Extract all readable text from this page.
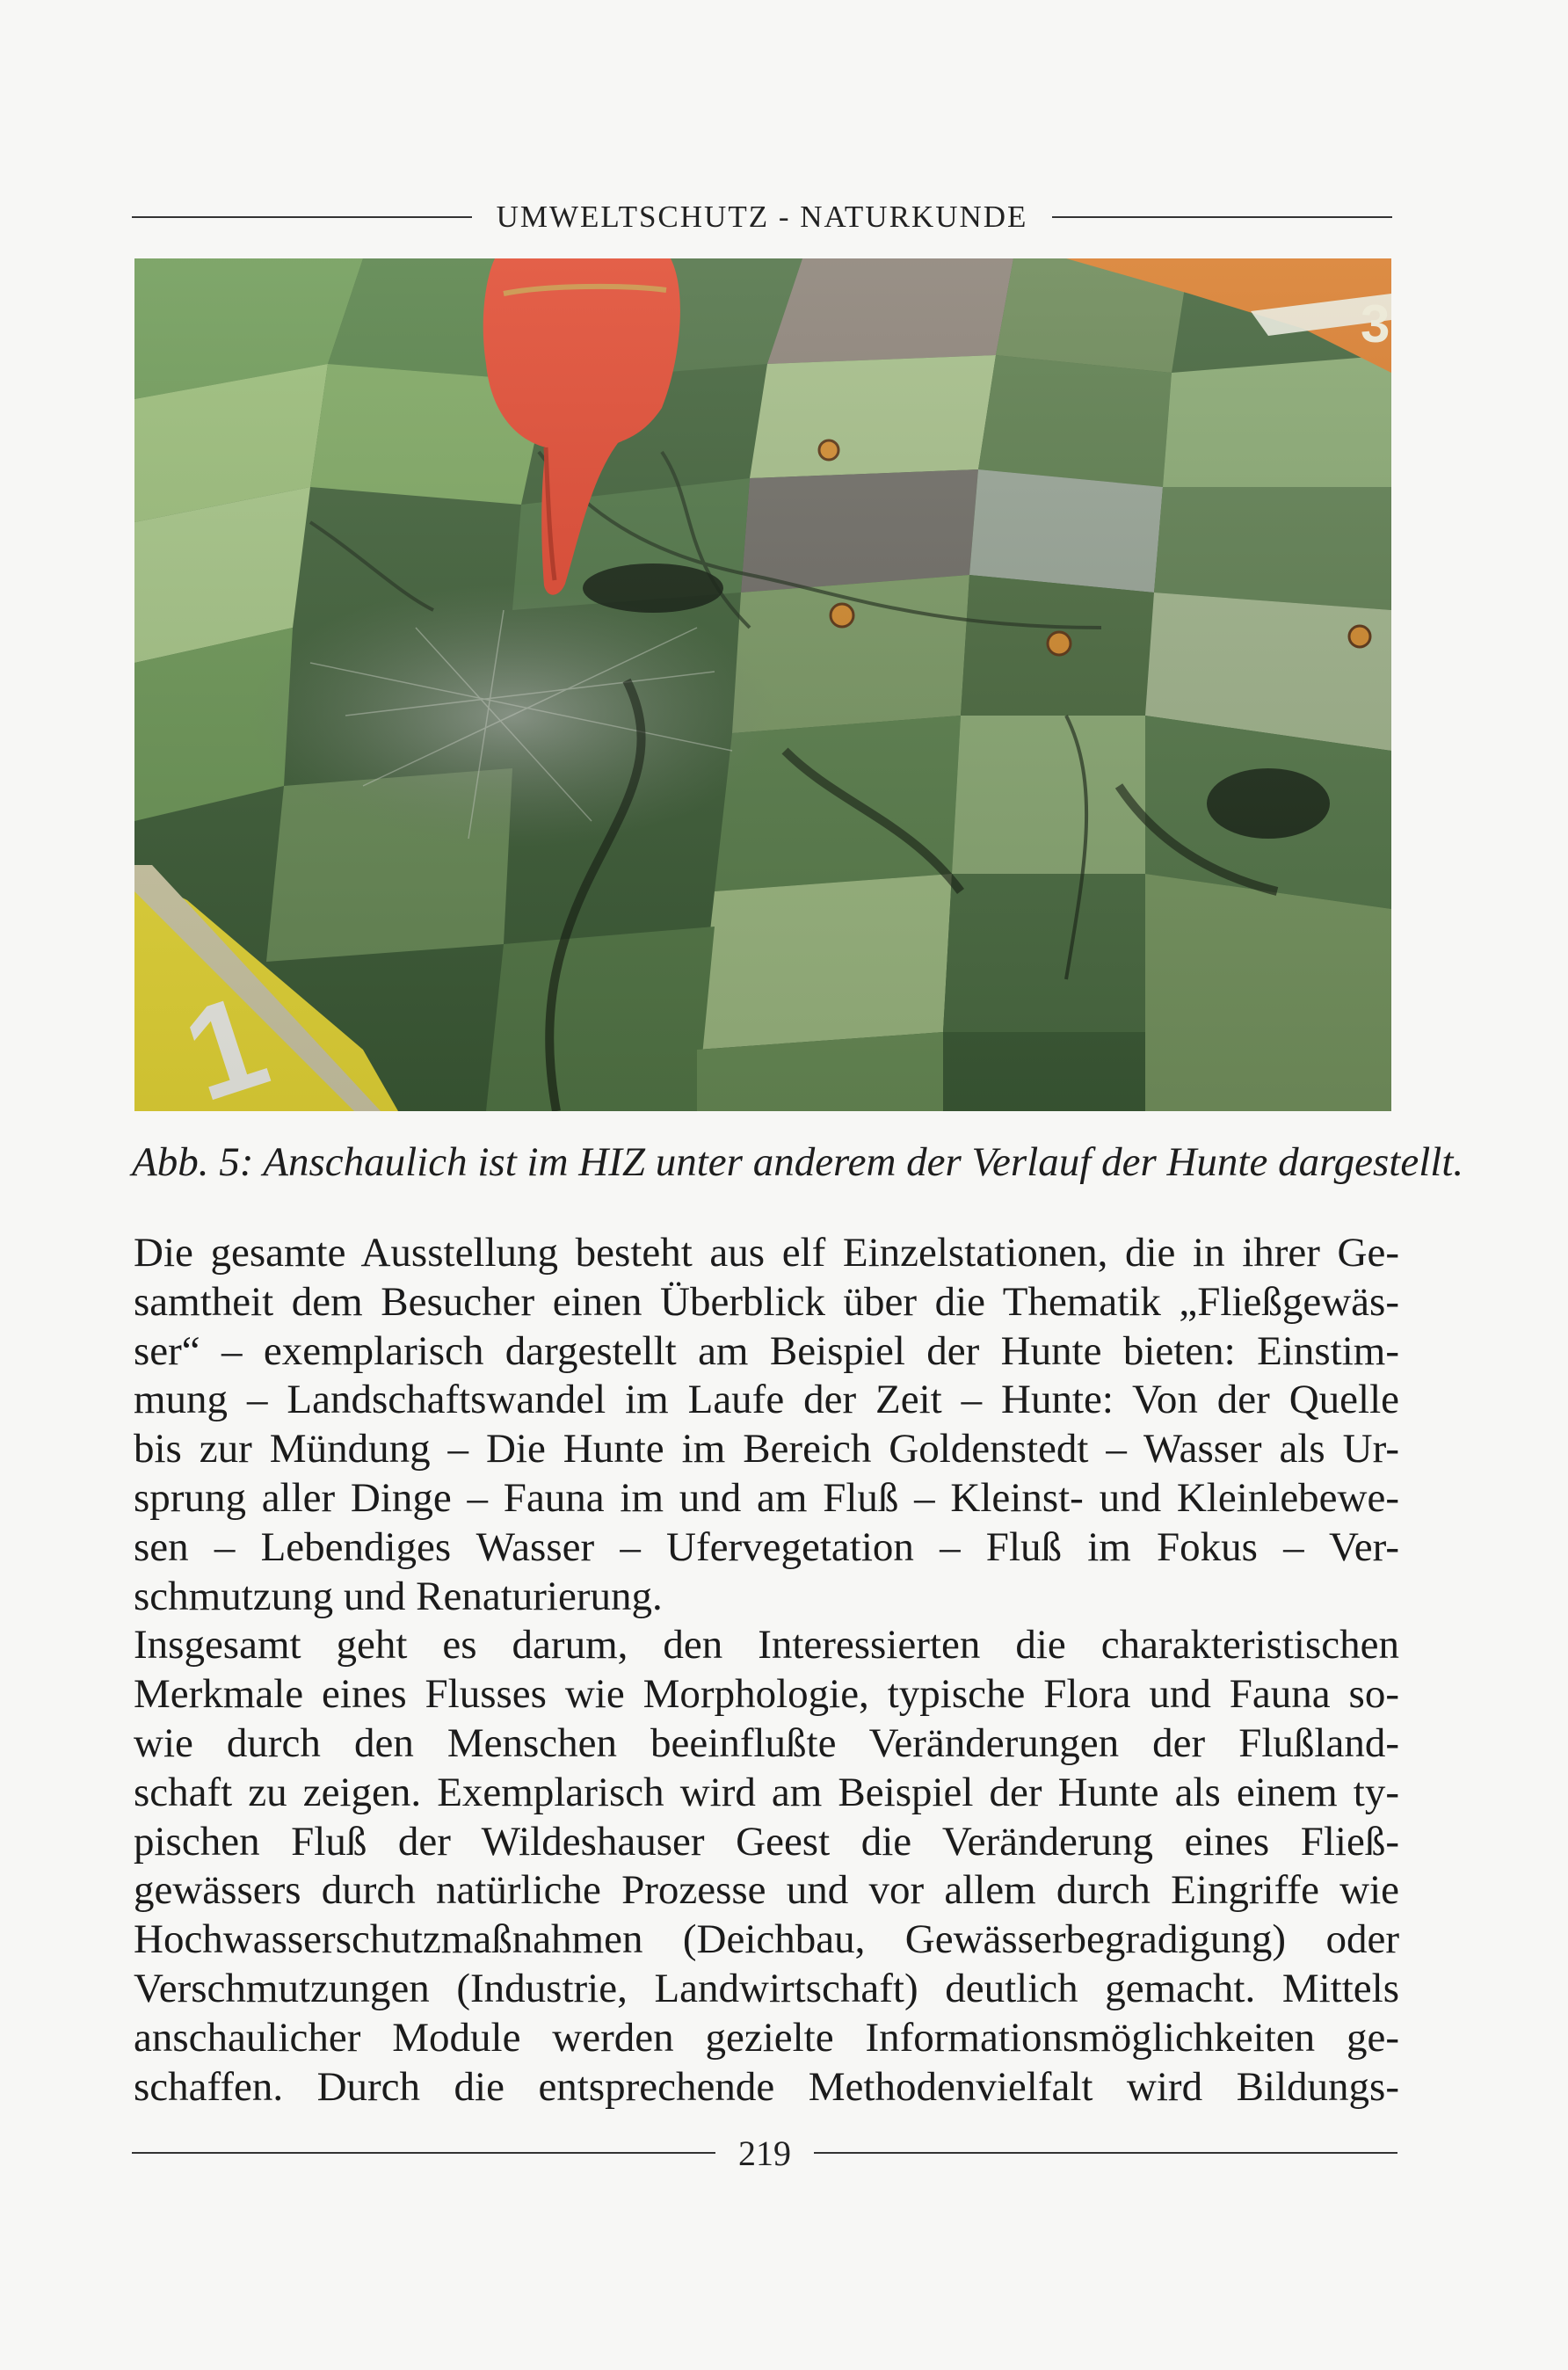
UMWELTSCHUTZ - NATURKUNDE
Abb. 5: Anschaulich ist im HIZ unter anderem der Verlauf der Hunte dargestellt.
Die gesamte Ausstellung besteht aus elf Einzelstationen, die in ihrer Ge-
samtheit dem Besucher einen Überblick über die Thematik „Fließgewäs-
ser“ – exemplarisch dargestellt am Beispiel der Hunte bieten: Einstim-
mung – Landschaftswandel im Laufe der Zeit – Hunte: Von der Quelle
bis zur Mündung – Die Hunte im Bereich Goldenstedt – Wasser als Ur-
sprung aller Dinge – Fauna im und am Fluß – Kleinst- und Kleinlebewe-
sen – Lebendiges Wasser – Ufervegetation – Fluß im Fokus – Ver-
schmutzung und Renaturierung.
Insgesamt geht es darum, den Interessierten die charakteristischen
Merkmale eines Flusses wie Morphologie, typische Flora und Fauna so-
wie durch den Menschen beeinflußte Veränderungen der Flußland-
schaft zu zeigen. Exemplarisch wird am Beispiel der Hunte als einem ty-
pischen Fluß der Wildeshauser Geest die Veränderung eines Fließ-
gewässers durch natürliche Prozesse und vor allem durch Eingriffe wie
Hochwasserschutzmaßnahmen (Deichbau, Gewässerbegradigung) oder
Verschmutzungen (Industrie, Landwirtschaft) deutlich gemacht. Mittels
anschaulicher Module werden gezielte Informationsmöglichkeiten ge-
schaffen. Durch die entsprechende Methodenvielfalt wird Bildungs-
219
